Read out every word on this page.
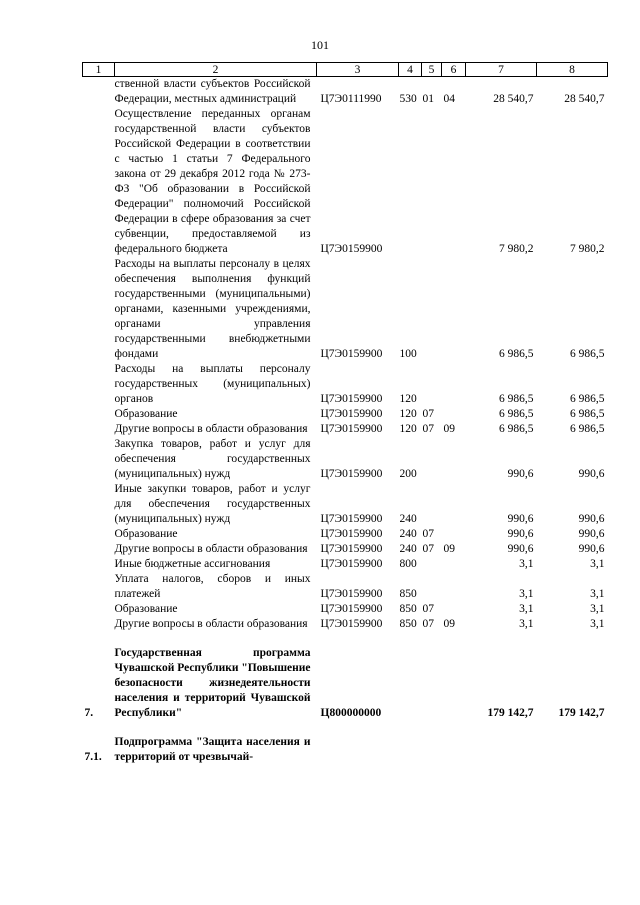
101
1	2	3	4	5	6	7	8
	ственной власти субъектов Российской Федерации, местных администраций	Ц7Э0111990	530	01	04	28 540,7	28 540,7
	Осуществление переданных органам государственной власти субъектов Российской Федерации в соответствии с частью 1 статьи 7 Федерального закона от 29 декабря 2012 года № 273-ФЗ "Об образовании в Российской Федерации" полномочий Российской Федерации в сфере образования за счет субвенции, предоставляемой из федерального бюджета	Ц7Э0159900				7 980,2	7 980,2
	Расходы на выплаты персоналу в целях обеспечения выполнения функций государственными (муниципальными) органами, казенными учреждениями, органами управления государственными внебюджетными фондами	Ц7Э0159900	100			6 986,5	6 986,5
	Расходы на выплаты персоналу государственных (муниципальных) органов	Ц7Э0159900	120			6 986,5	6 986,5
	Образование	Ц7Э0159900	120	07		6 986,5	6 986,5
	Другие вопросы в области образования	Ц7Э0159900	120	07	09	6 986,5	6 986,5
	Закупка товаров, работ и услуг для обеспечения государственных (муниципальных) нужд	Ц7Э0159900	200			990,6	990,6
	Иные закупки товаров, работ и услуг для обеспечения государственных (муниципальных) нужд	Ц7Э0159900	240			990,6	990,6
	Образование	Ц7Э0159900	240	07		990,6	990,6
	Другие вопросы в области образования	Ц7Э0159900	240	07	09	990,6	990,6
	Иные бюджетные ассигнования	Ц7Э0159900	800			3,1	3,1
	Уплата налогов, сборов и иных платежей	Ц7Э0159900	850			3,1	3,1
	Образование	Ц7Э0159900	850	07		3,1	3,1
	Другие вопросы в области образования	Ц7Э0159900	850	07	09	3,1	3,1

7.	Государственная программа Чувашской Республики "Повышение безопасности жизнедеятельности населения и территорий Чувашской Республики"	Ц800000000				179 142,7	179 142,7

7.1.	Подпрограмма "Защита населения и территорий от чрезвычай-						
